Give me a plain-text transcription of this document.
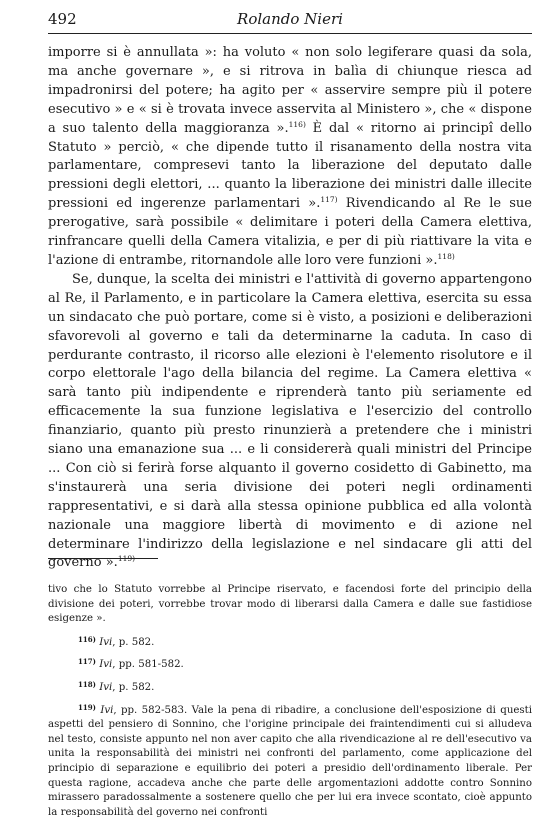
492	Rolando Nieri

imporre si è annullata »: ha voluto « non solo legiferare quasi da sola, ma anche governare », e si ritrova in balìa di chiunque riesca ad impadronirsi del potere; ha agito per « asservire sempre più il potere esecutivo » e « si è trovata invece asservita al Ministero », che « dispone a suo talento della maggioranza ».$^{116)}$ È dal « ritorno ai principî dello Statuto » perciò, « che dipende tutto il risanamento della nostra vita parlamentare, compresevi tanto la liberazione del deputato dalle pressioni degli elettori, ... quanto la liberazione dei ministri dalle illecite pressioni ed ingerenze parlamentari ».$^{117)}$ Rivendicando al Re le sue prerogative, sarà possibile « delimitare i poteri della Camera elettiva, rinfrancare quelli della Camera vitalizia, e per di più riattivare la vita e l'azione di entrambe, ritornandole alle loro vere funzioni ».$^{118)}$

Se, dunque, la scelta dei ministri e l'attività di governo appartengono al Re, il Parlamento, e in particolare la Camera elettiva, esercita su essa un sindacato che può portare, come si è visto, a posizioni e deliberazioni sfavorevoli al governo e tali da determinarne la caduta. In caso di perdurante contrasto, il ricorso alle elezioni è l'elemento risolutore e il corpo elettorale l'ago della bilancia del regime. La Camera elettiva « sarà tanto più indipendente e riprenderà tanto più seriamente ed efficacemente la sua funzione legislativa e l'esercizio del controllo finanziario, quanto più presto rinunzierà a pretendere che i ministri siano una emanazione sua ... e li considererà quali ministri del Principe ... Con ciò si ferirà forse alquanto il governo cosidetto di Gabinetto, ma s'instaurerà una seria divisione dei poteri negli ordinamenti rappresentativi, e si darà alla stessa opinione pubblica ed alla volontà nazionale una maggiore libertà di movimento e di azione nel determinare l'indirizzo della legislazione e nel sindacare gli atti del governo ».$^{119)}$

tivo che lo Statuto vorrebbe al Principe riservato, e facendosi forte del principio della divisione dei poteri, vorrebbe trovar modo di liberarsi dalla Camera e dalle sue fastidiose esigenze ».

$^{116)}$ Ivi, p. 582.

$^{117)}$ Ivi, pp. 581-582.

$^{118)}$ Ivi, p. 582.

$^{119)}$ Ivi, pp. 582-583. Vale la pena di ribadire, a conclusione dell'esposizione di questi aspetti del pensiero di Sonnino, che l'origine principale dei fraintendimenti cui si alludeva nel testo, consiste appunto nel non aver capito che alla rivendicazione al re dell'esecutivo va unita la responsabilità dei ministri nei confronti del parlamento, come applicazione del principio di separazione e equilibrio dei poteri a presidio dell'ordinamento liberale. Per questa ragione, accadeva anche che parte delle argomentazioni addotte contro Sonnino mirassero paradossalmente a sostenere quello che per lui era invece scontato, cioè appunto la responsabilità del governo nei confronti
